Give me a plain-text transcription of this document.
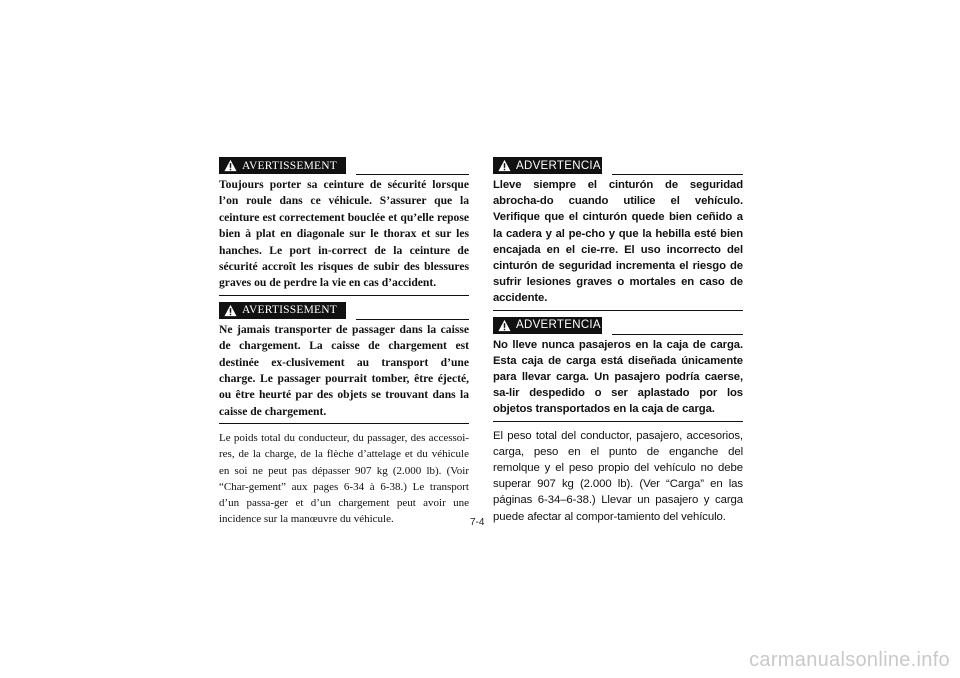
AVERTISSEMENT

Toujours porter sa ceinture de sécurité lorsque l’on roule dans ce véhicule. S’assurer que la ceinture est correctement bouclée et qu’elle repose bien à plat en diagonale sur le thorax et sur les hanches. Le port in-correct de la ceinture de sécurité accroît les risques de subir des blessures graves ou de perdre la vie en cas d’accident.

AVERTISSEMENT

Ne jamais transporter de passager dans la caisse de chargement. La caisse de chargement est destinée ex-clusivement au transport d’une charge. Le passager pourrait tomber, être éjecté, ou être heurté par des objets se trouvant dans la caisse de chargement.

Le poids total du conducteur, du passager, des accessoi-res, de la charge, de la flèche d’attelage et du véhicule en soi ne peut pas dépasser 907 kg (2.000 lb). (Voir “Char-gement” aux pages 6-34 à 6-38.) Le transport d’un passa-ger et d’un chargement peut avoir une incidence sur la manœuvre du véhicule.

ADVERTENCIA

Lleve siempre el cinturón de seguridad abrocha-do cuando utilice el vehículo. Verifique que el cinturón quede bien ceñido a la cadera y al pe-cho y que la hebilla esté bien encajada en el cie-rre. El uso incorrecto del cinturón de seguridad incrementa el riesgo de sufrir lesiones graves o mortales en caso de accidente.

ADVERTENCIA

No lleve nunca pasajeros en la caja de carga. Esta caja de carga está diseñada únicamente para llevar carga. Un pasajero podría caerse, sa-lir despedido o ser aplastado por los objetos transportados en la caja de carga.

El peso total del conductor, pasajero, accesorios, carga, peso en el punto de enganche del remolque y el peso propio del vehículo no debe superar 907 kg (2.000 lb). (Ver “Carga” en las páginas 6-34–6-38.) Llevar un pasajero y carga puede afectar al compor-tamiento del vehículo.

7-4
carmanualsonline.info
